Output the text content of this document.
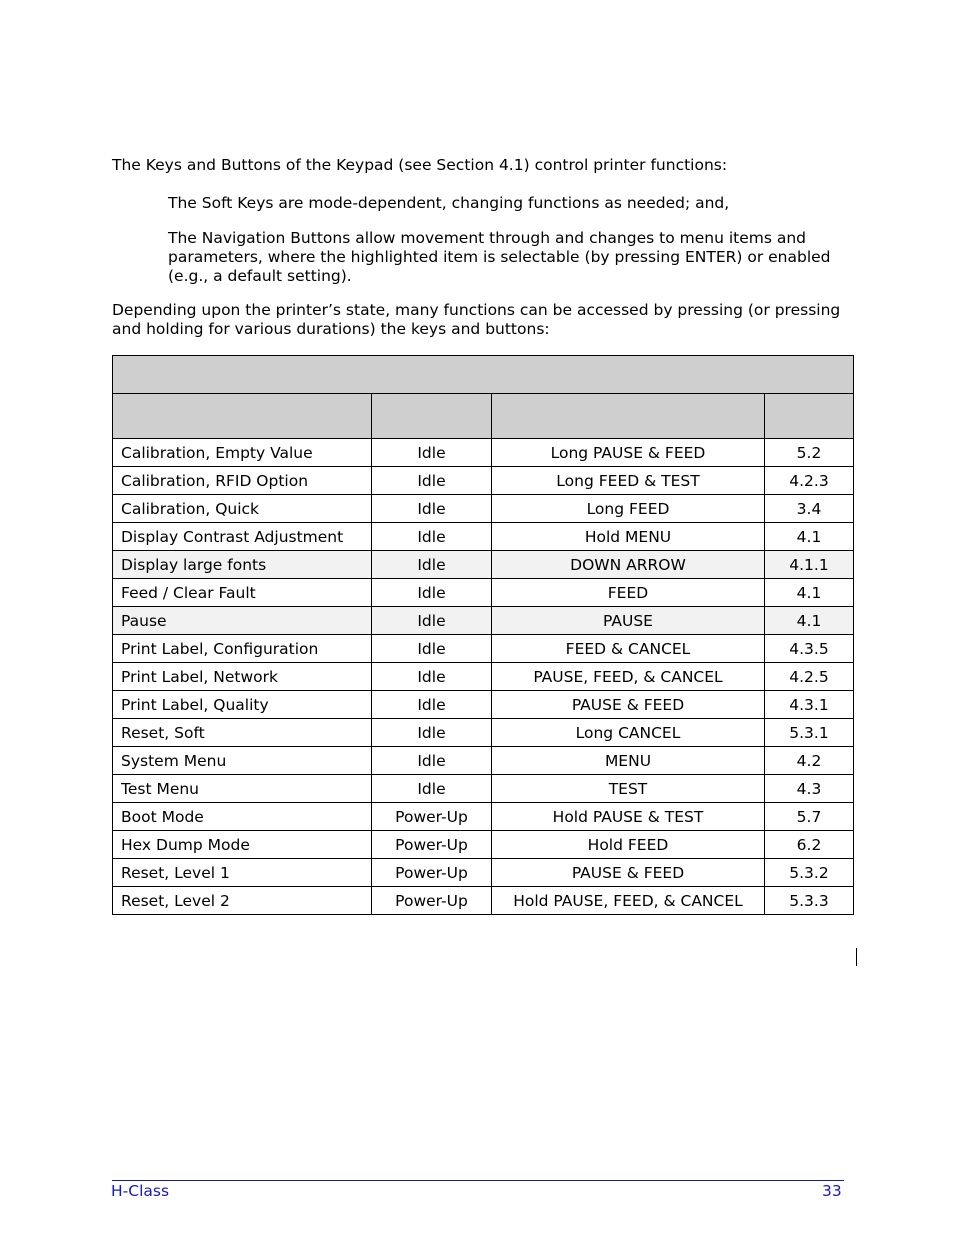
The Keys and Buttons of the Keypad (see Section 4.1) control printer functions:

The Soft Keys are mode-dependent, changing functions as needed; and,

The Navigation Buttons allow movement through and changes to menu items and parameters, where the highlighted item is selectable (by pressing ENTER) or enabled (e.g., a default setting).

Depending upon the printer’s state, many functions can be accessed by pressing (or pressing and holding for various durations) the keys and buttons:

Calibration, Empty Value	Idle	Long PAUSE & FEED	5.2
Calibration, RFID Option	Idle	Long FEED & TEST	4.2.3
Calibration, Quick	Idle	Long FEED	3.4
Display Contrast Adjustment	Idle	Hold MENU	4.1
Display large fonts	Idle	DOWN ARROW	4.1.1
Feed / Clear Fault	Idle	FEED	4.1
Pause	Idle	PAUSE	4.1
Print Label, Configuration	Idle	FEED & CANCEL	4.3.5
Print Label, Network	Idle	PAUSE, FEED, & CANCEL	4.2.5
Print Label, Quality	Idle	PAUSE & FEED	4.3.1
Reset, Soft	Idle	Long CANCEL	5.3.1
System Menu	Idle	MENU	4.2
Test Menu	Idle	TEST	4.3
Boot Mode	Power-Up	Hold PAUSE & TEST	5.7
Hex Dump Mode	Power-Up	Hold FEED	6.2
Reset, Level 1	Power-Up	PAUSE & FEED	5.3.2
Reset, Level 2	Power-Up	Hold PAUSE, FEED, & CANCEL	5.3.3
H-Class	33
